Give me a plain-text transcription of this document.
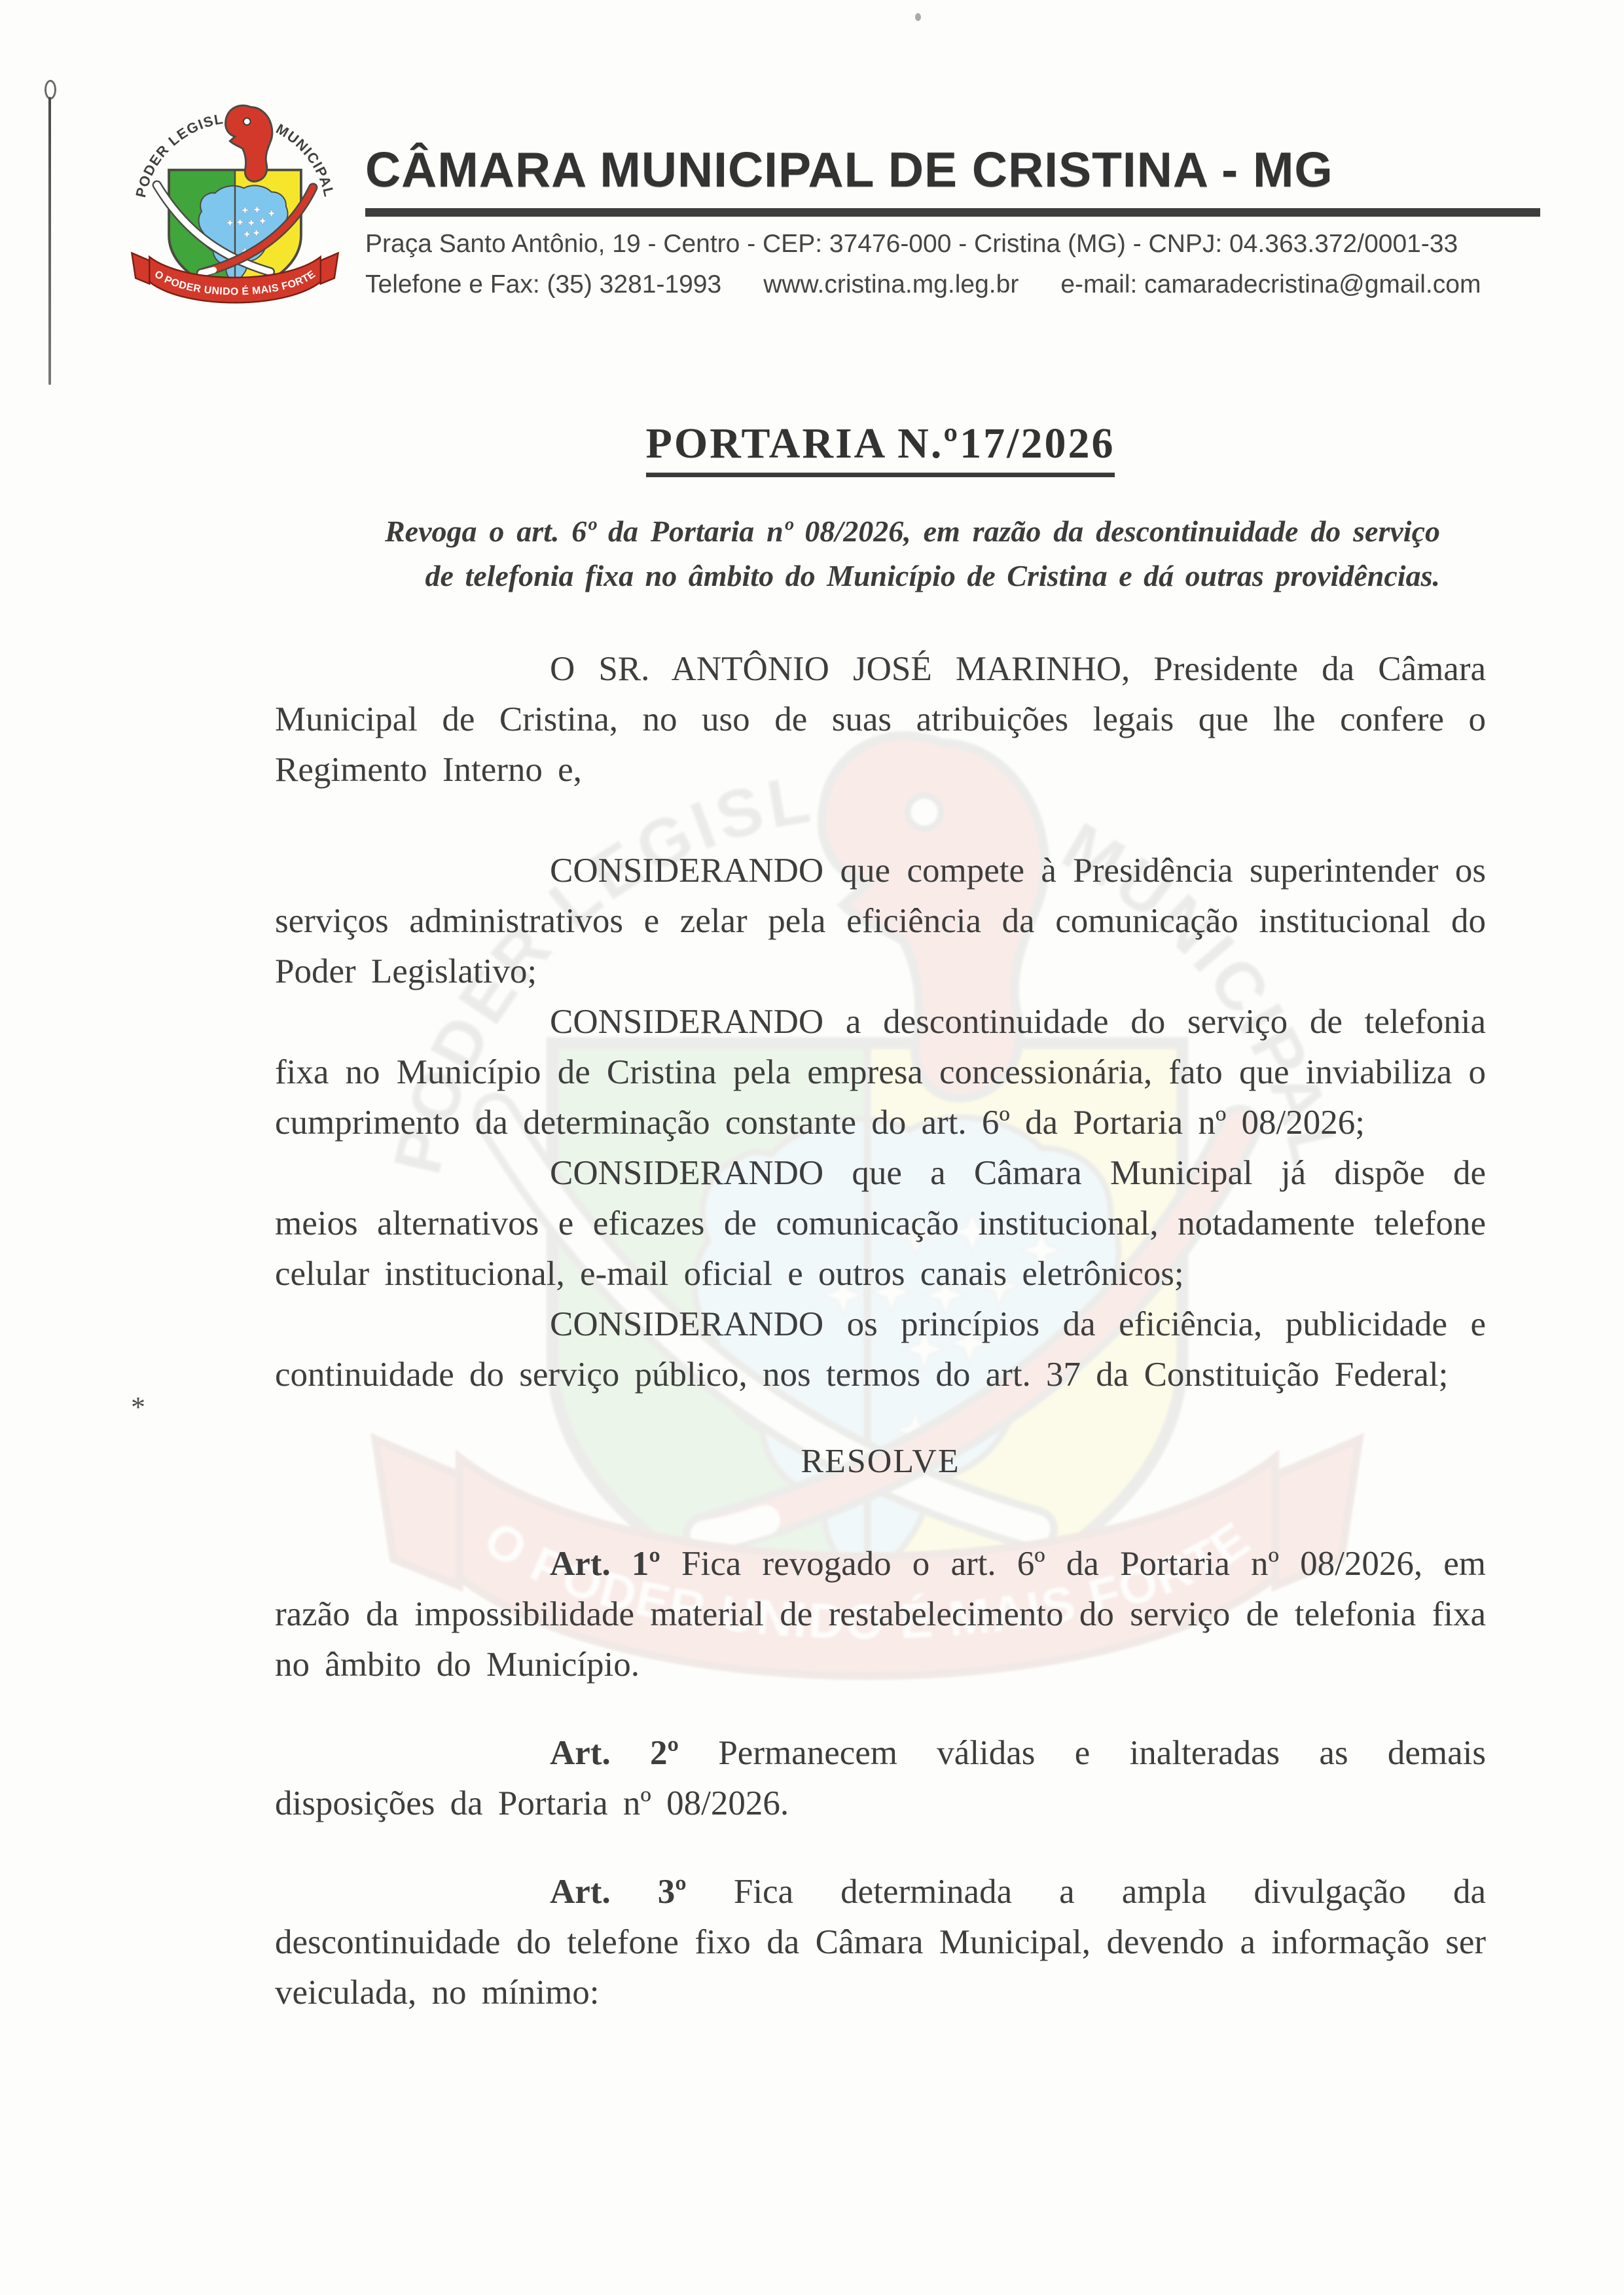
*
CÂMARA MUNICIPAL DE CRISTINA - MG

Praça Santo Antônio, 19 - Centro - CEP: 37476-000 - Cristina (MG) - CNPJ: 04.363.372/0001-33

Telefone e Fax: (35) 3281-1993 www.cristina.mg.leg.br e-mail: camaradecristina@gmail.com

PORTARIA N.º17/2026

Revoga o art. 6º da Portaria nº 08/2026, em razão da descontinuidade do serviço de telefonia fixa no âmbito do Município de Cristina e dá outras providências.

O SR. ANTÔNIO JOSÉ MARINHO, Presidente da Câmara Municipal de Cristina, no uso de suas atribuições legais que lhe confere o Regimento Interno e,

CONSIDERANDO que compete à Presidência superintender os serviços administrativos e zelar pela eficiência da comunicação institucional do Poder Legislativo;

CONSIDERANDO a descontinuidade do serviço de telefonia fixa no Município de Cristina pela empresa concessionária, fato que inviabiliza o cumprimento da determinação constante do art. 6º da Portaria nº 08/2026;

CONSIDERANDO que a Câmara Municipal já dispõe de meios alternativos e eficazes de comunicação institucional, notadamente telefone celular institucional, e-mail oficial e outros canais eletrônicos;

CONSIDERANDO os princípios da eficiência, publicidade e continuidade do serviço público, nos termos do art. 37 da Constituição Federal;

RESOLVE

Art. 1º Fica revogado o art. 6º da Portaria nº 08/2026, em razão da impossibilidade material de restabelecimento do serviço de telefonia fixa no âmbito do Município.

Art. 2º Permanecem válidas e inalteradas as demais disposições da Portaria nº 08/2026.

Art. 3º Fica determinada a ampla divulgação da descontinuidade do telefone fixo da Câmara Municipal, devendo a informação ser veiculada, no mínimo:
